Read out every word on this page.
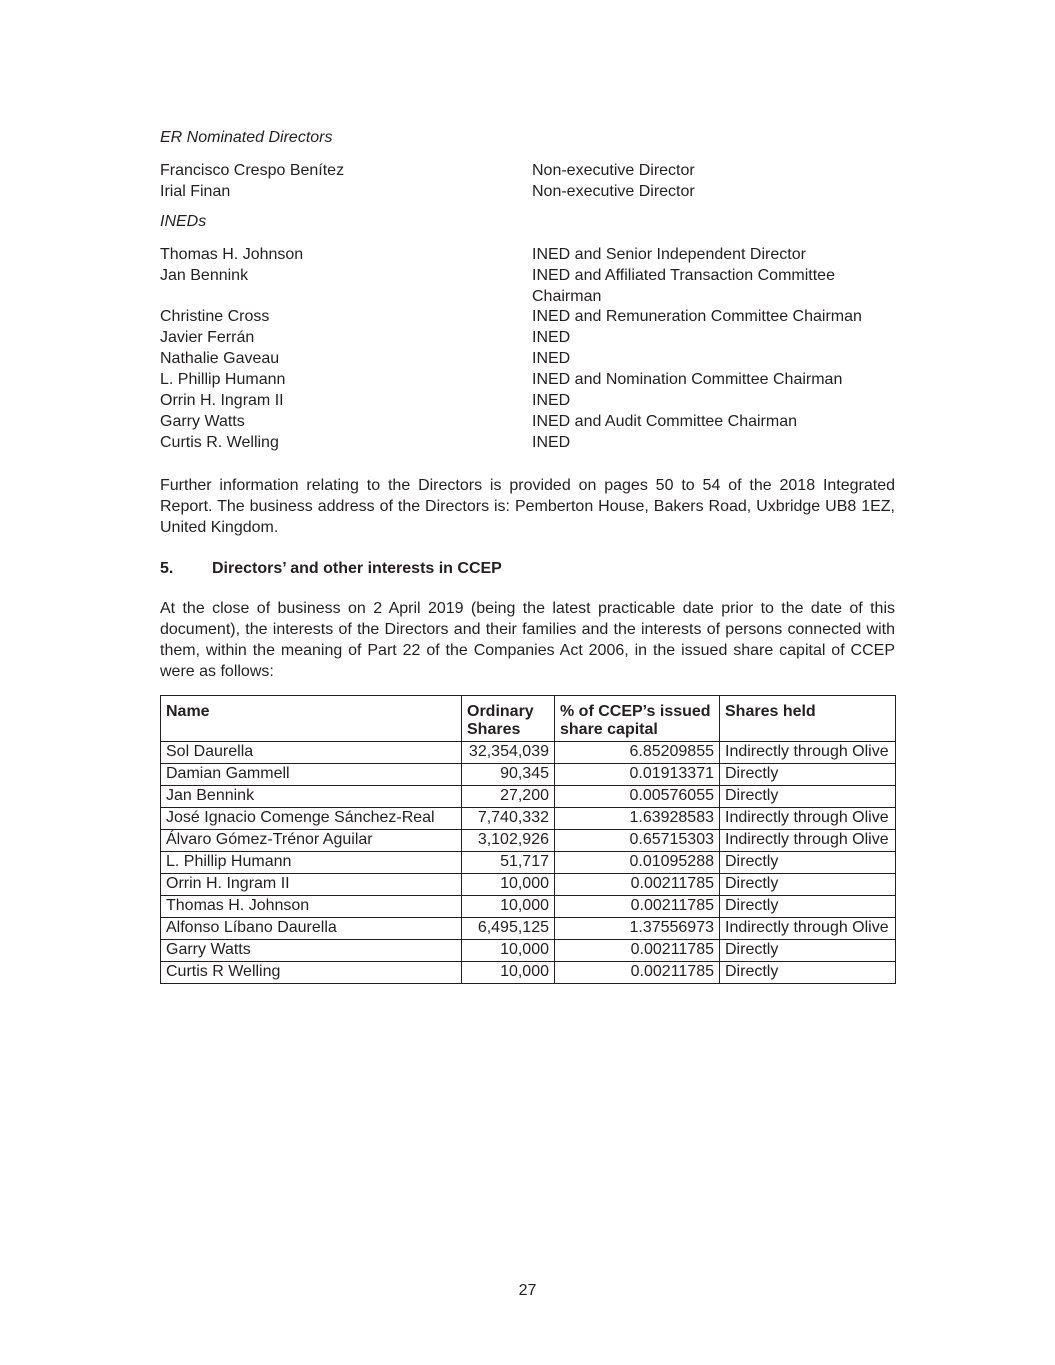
ER Nominated Directors
Francisco Crespo Benítez	Non-executive Director
Irial Finan	Non-executive Director
INEDs
Thomas H. Johnson	INED and Senior Independent Director
Jan Bennink	INED and Affiliated Transaction Committee Chairman
Christine Cross	INED and Remuneration Committee Chairman
Javier Ferrán	INED
Nathalie Gaveau	INED
L. Phillip Humann	INED and Nomination Committee Chairman
Orrin H. Ingram II	INED
Garry Watts	INED and Audit Committee Chairman
Curtis R. Welling	INED
Further information relating to the Directors is provided on pages 50 to 54 of the 2018 Integrated Report. The business address of the Directors is: Pemberton House, Bakers Road, Uxbridge UB8 1EZ, United Kingdom.
5. Directors’ and other interests in CCEP
At the close of business on 2 April 2019 (being the latest practicable date prior to the date of this document), the interests of the Directors and their families and the interests of persons connected with them, within the meaning of Part 22 of the Companies Act 2006, in the issued share capital of CCEP were as follows:
Name	Ordinary Shares	% of CCEP’s issued share capital	Shares held
Sol Daurella	32,354,039	6.85209855	Indirectly through Olive
Damian Gammell	90,345	0.01913371	Directly
Jan Bennink	27,200	0.00576055	Directly
José Ignacio Comenge Sánchez-Real	7,740,332	1.63928583	Indirectly through Olive
Álvaro Gómez-Trénor Aguilar	3,102,926	0.65715303	Indirectly through Olive
L. Phillip Humann	51,717	0.01095288	Directly
Orrin H. Ingram II	10,000	0.00211785	Directly
Thomas H. Johnson	10,000	0.00211785	Directly
Alfonso Líbano Daurella	6,495,125	1.37556973	Indirectly through Olive
Garry Watts	10,000	0.00211785	Directly
Curtis R Welling	10,000	0.00211785	Directly
27
